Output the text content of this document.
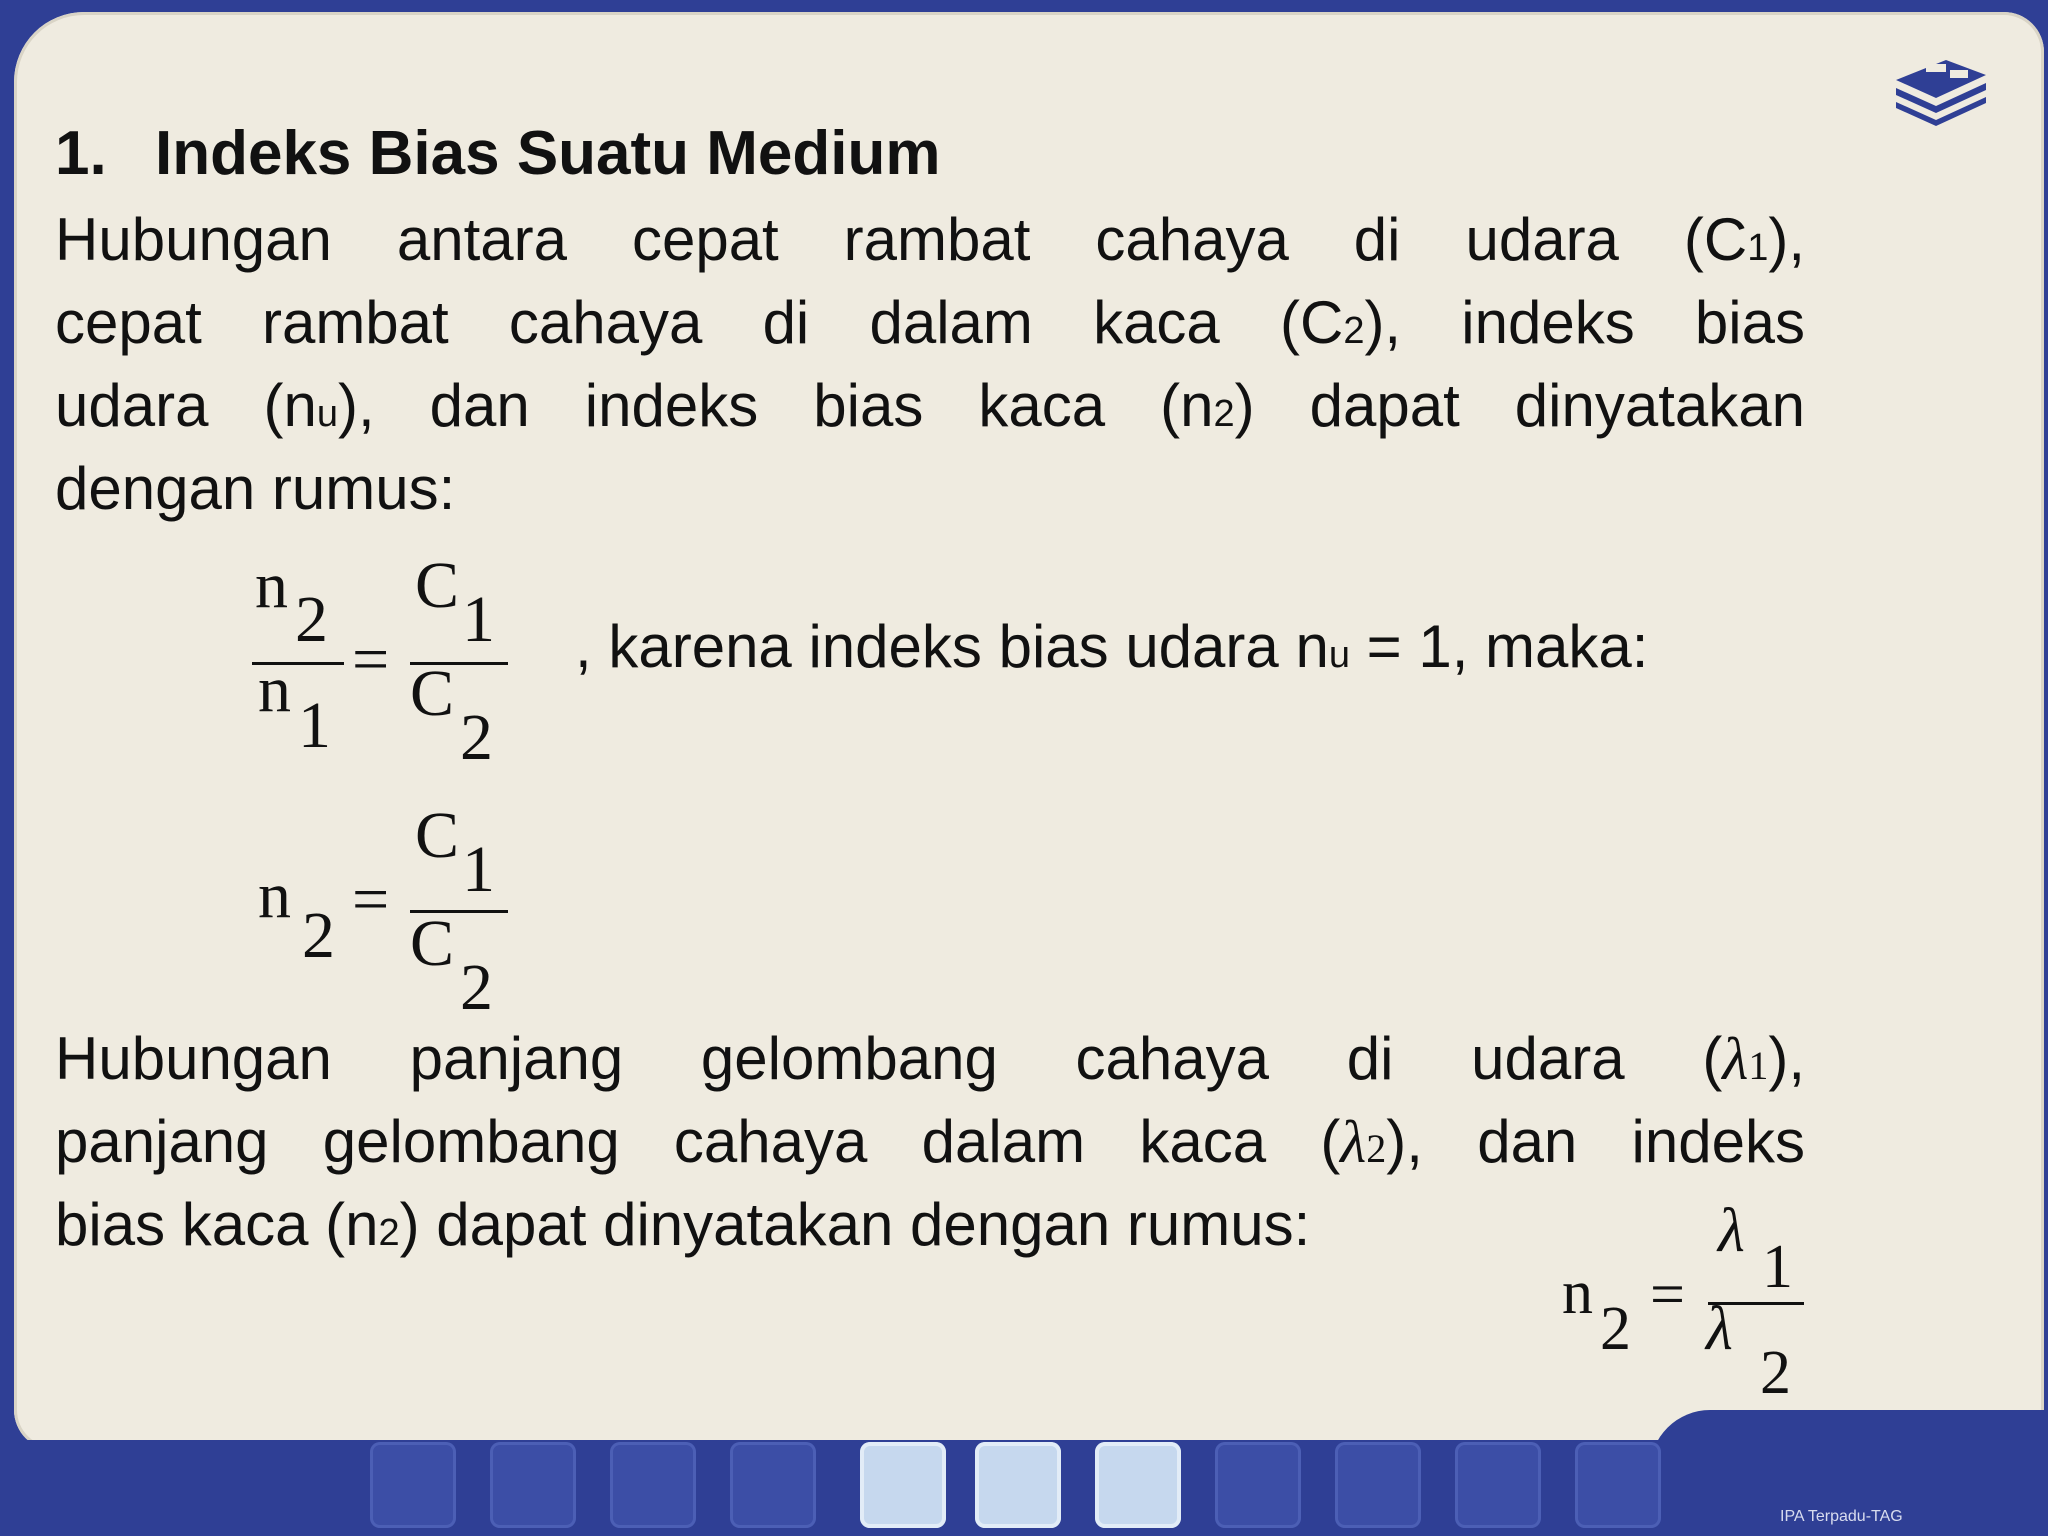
IPA Terpadu-TAG
1. Indeks Bias Suatu Medium
Hubungan antara cepat rambat cahaya di udara (C1),
cepat rambat cahaya di dalam kaca (C2), indeks bias
udara (nu), dan indeks bias kaca (n2) dapat dinyatakan
dengan rumus:
n 2
n 1
=
C 1
C
2
, karena indeks bias udara nu = 1, maka:
n
2 =
C 1
C
2
Hubungan panjang gelombang cahaya di udara (λ1),
panjang gelombang cahaya dalam kaca (λ2), dan indeks
bias kaca (n2) dapat dinyatakan dengan rumus:
n
2 =
λ
1
λ
2
